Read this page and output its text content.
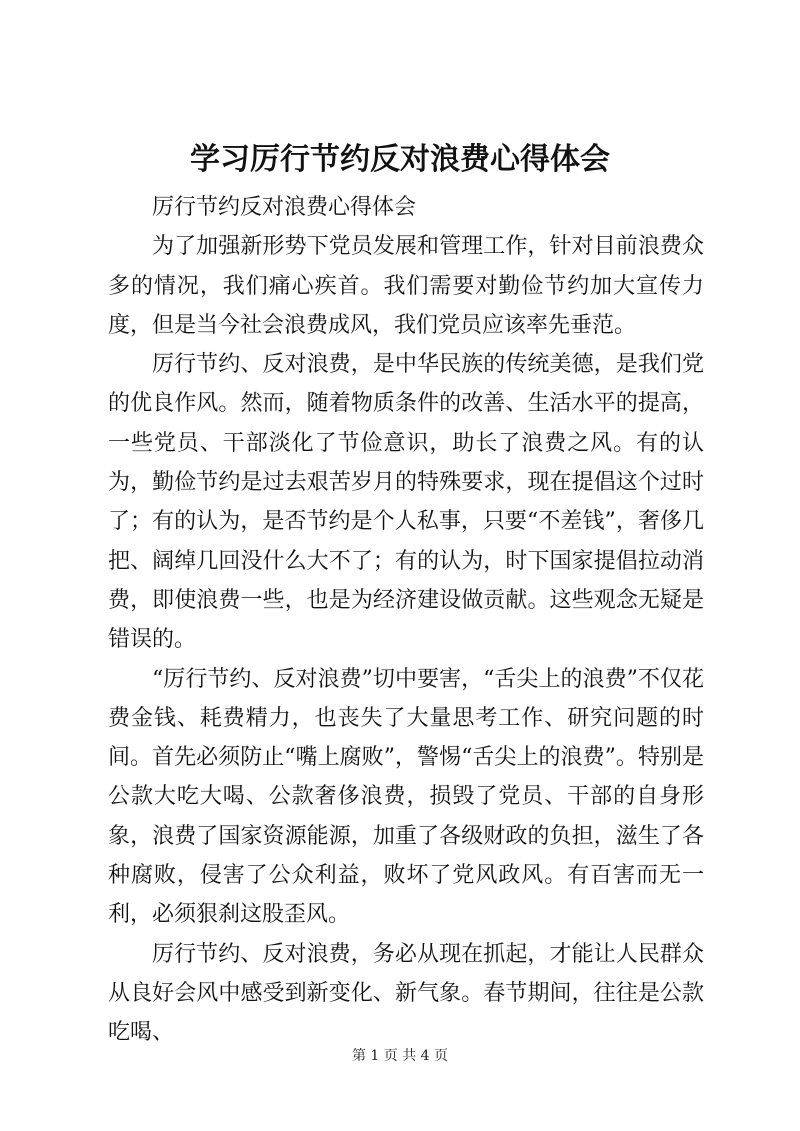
学习厉行节约反对浪费心得体会

厉行节约反对浪费心得体会

为了加强新形势下党员发展和管理工作，针对目前浪费众多的情况，我们痛心疾首。我们需要对勤俭节约加大宣传力度，但是当今社会浪费成风，我们党员应该率先垂范。

厉行节约、反对浪费，是中华民族的传统美德，是我们党的优良作风。然而，随着物质条件的改善、生活水平的提高，一些党员、干部淡化了节俭意识，助长了浪费之风。有的认为，勤俭节约是过去艰苦岁月的特殊要求，现在提倡这个过时了；有的认为，是否节约是个人私事，只要“不差钱”，奢侈几把、阔绰几回没什么大不了；有的认为，时下国家提倡拉动消费，即使浪费一些，也是为经济建设做贡献。这些观念无疑是错误的。

“厉行节约、反对浪费”切中要害，“舌尖上的浪费”不仅花费金钱、耗费精力，也丧失了大量思考工作、研究问题的时间。首先必须防止“嘴上腐败”，警惕“舌尖上的浪费”。特别是公款大吃大喝、公款奢侈浪费，损毁了党员、干部的自身形象，浪费了国家资源能源，加重了各级财政的负担，滋生了各种腐败，侵害了公众利益，败坏了党风政风。有百害而无一利，必须狠刹这股歪风。

厉行节约、反对浪费，务必从现在抓起，才能让人民群众从良好会风中感受到新变化、新气象。春节期间，往往是公款吃喝、

第 1 页 共 4 页
